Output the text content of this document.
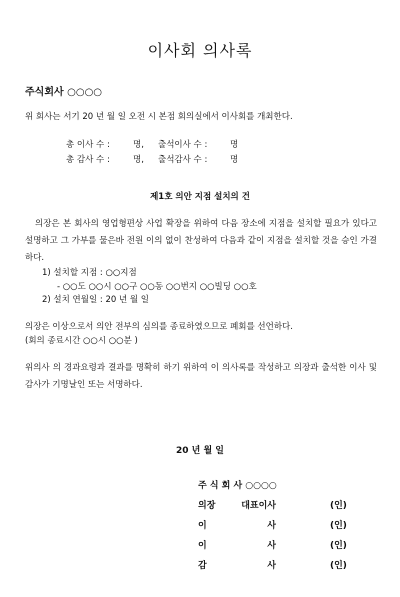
이사회 의사록
주식회사 ○○○○
위 회사는 서기 20 년 월 일 오전 시 본점 회의실에서 이사회를 개최한다.
총 이사 수 :	명, 출석이사 수 :	명
총 감사 수 :	명, 출석감사 수 :	명
제1호 의안 지점 설치의 건
의장은 본 회사의 영업형편상 사업 확장을 위하여 다음 장소에 지점을 설치할 필요가 있다고 설명하고 그 가부를 물은바 전원 이의 없이 찬성하여 다음과 같이 지점을 설치할 것을 승인 가결하다.
1) 설치할 지점 : ○○지점
- ○○도 ○○시 ○○구 ○○동 ○○번지 ○○빌딩 ○○호
2) 설치 연월일 : 20 년 월 일
의장은 이상으로서 의안 전부의 심의를 종료하였으므로 폐회를 선언하다.
(회의 종료시간 ○○시 ○○분 )
위의사 의 경과요령과 결과를 명확히 하기 위하여 이 의사록를 작성하고 의장과 출석한 이사 및 감사가 기명날인 또는 서명하다.
20 년 월 일
주 식 회 사 ○○○○
의장 대표이사	(인)
이 사	(인)
이 사	(인)
감 사	(인)
